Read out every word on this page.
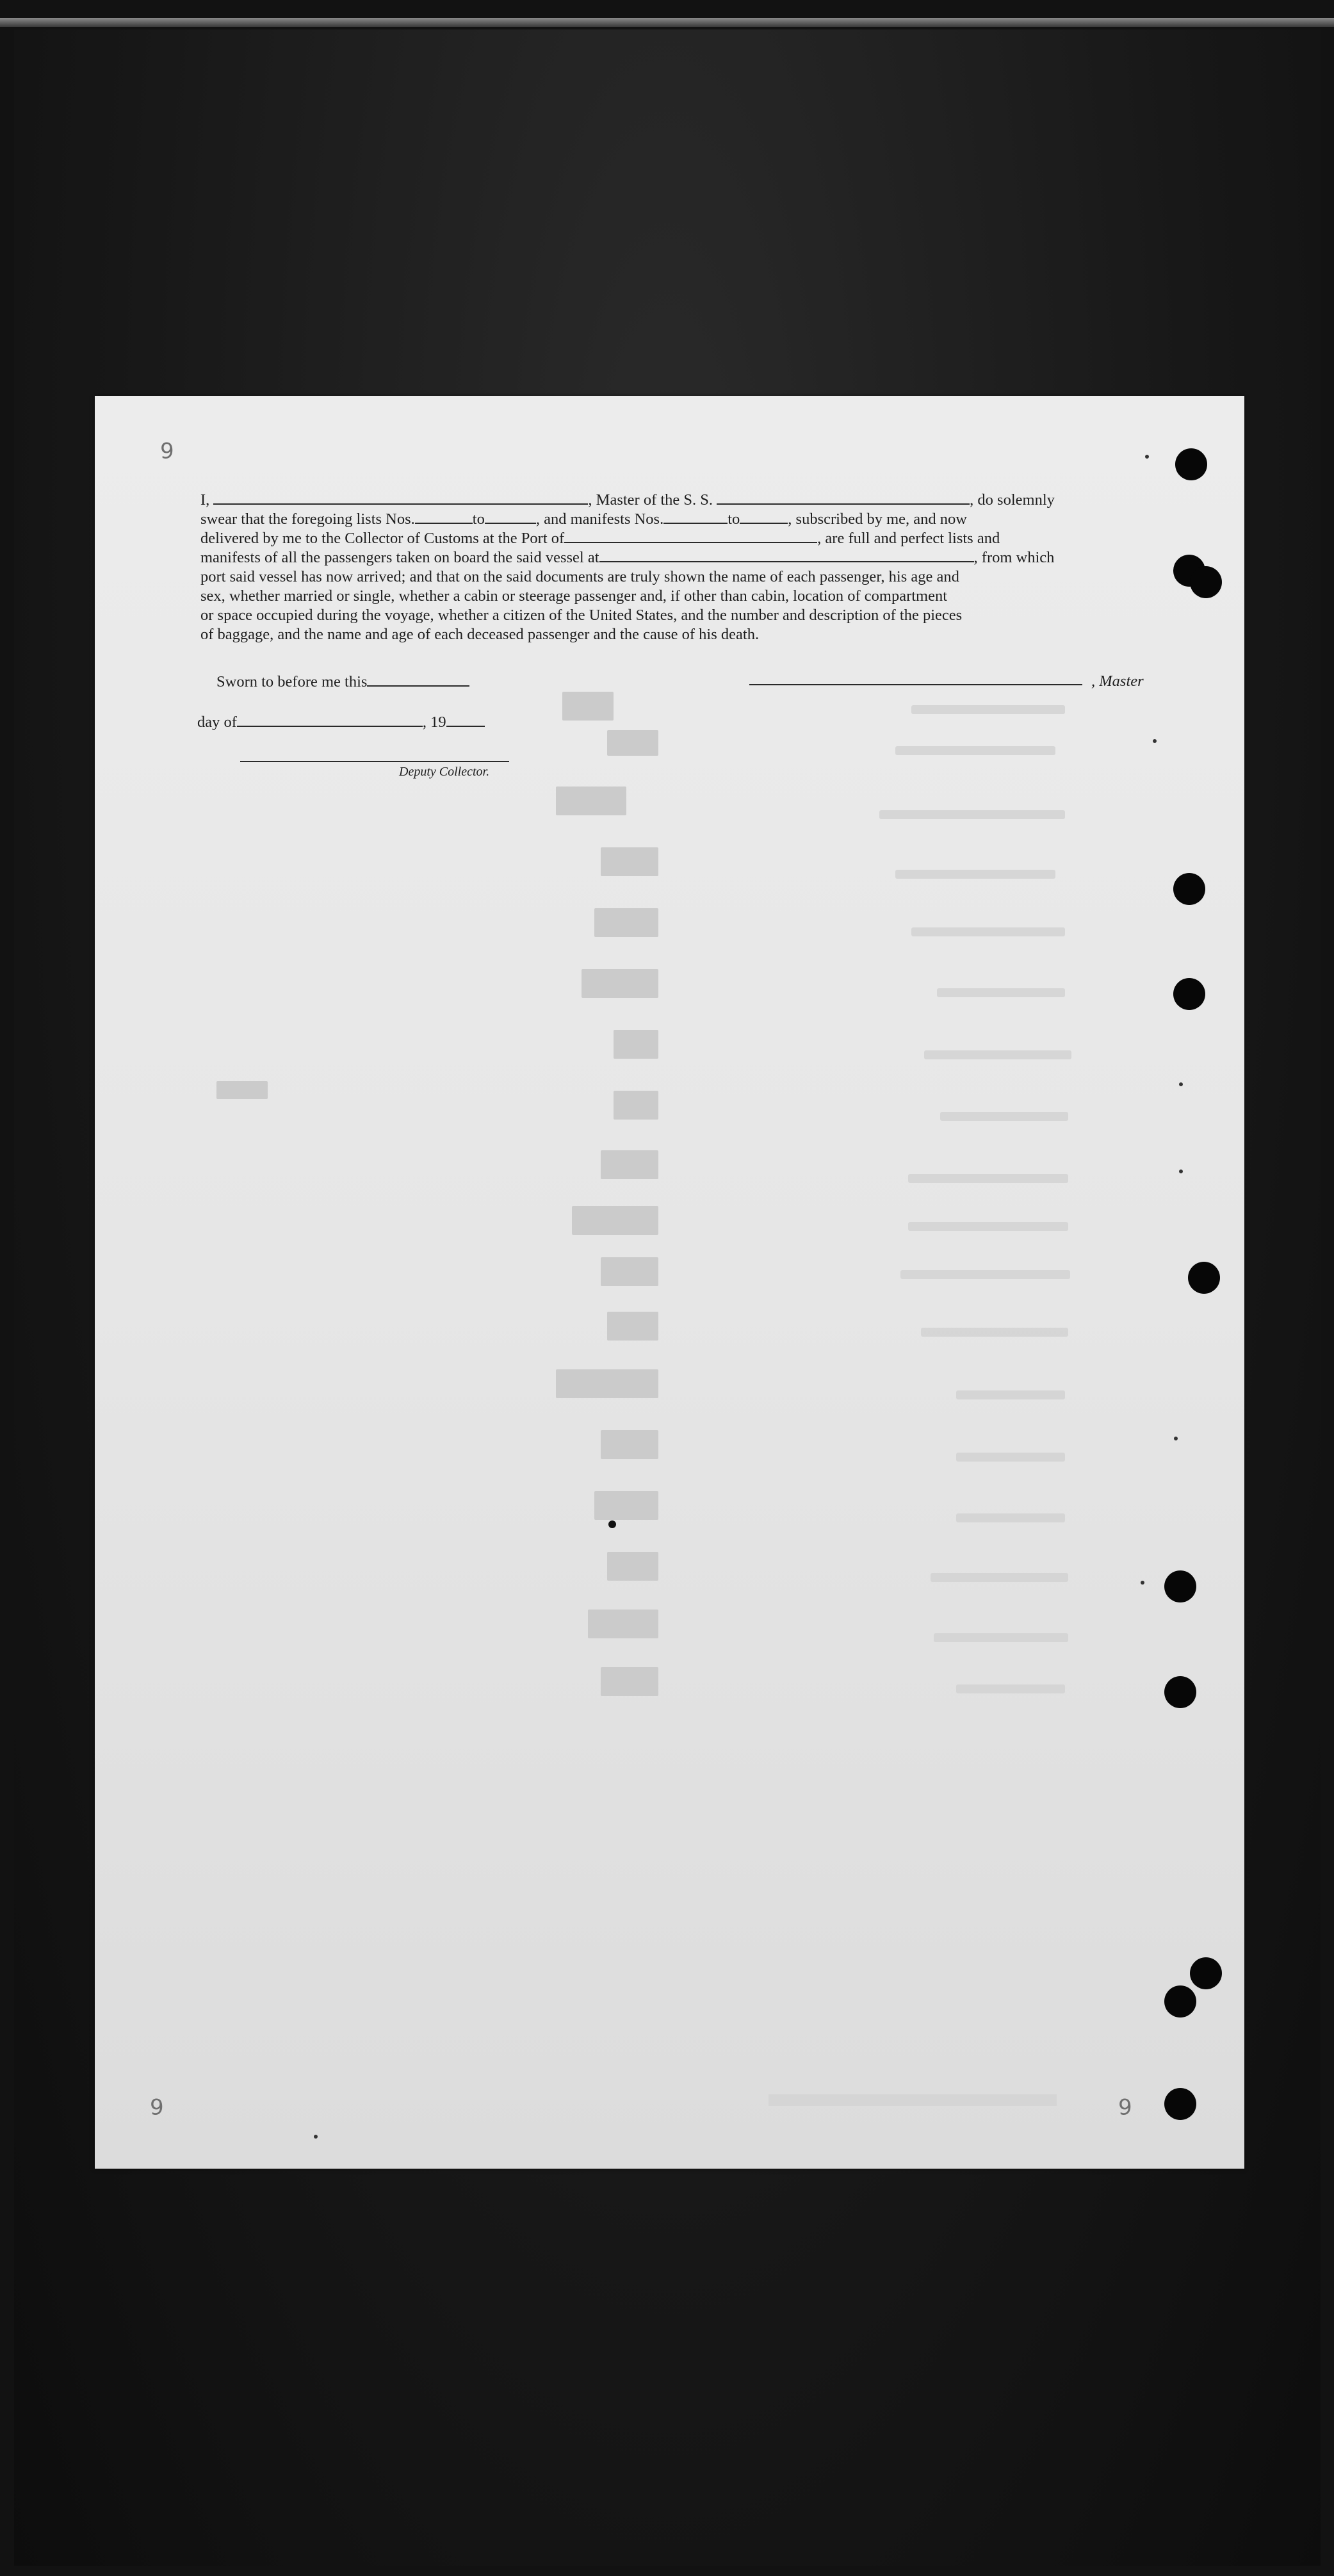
6
6	6
I,	, Master of the S. S.	, do solemnly
swear that the foregoing lists Nos.	to	, and manifests Nos.	to	, subscribed by me, and now
delivered by me to the Collector of Customs at the Port of	, are full and perfect lists and
manifests of all the passengers taken on board the said vessel at	, from which
port said vessel has now arrived; and that on the said documents are truly shown the name of each passenger, his age and
sex, whether married or single, whether a cabin or steerage passenger and, if other than cabin, location of compartment
or space occupied during the voyage, whether a citizen of the United States, and the number and description of the pieces
of baggage, and the name and age of each deceased passenger and the cause of his death.
Sworn to before me this	, Master
day of	, 19
Deputy Collector.
